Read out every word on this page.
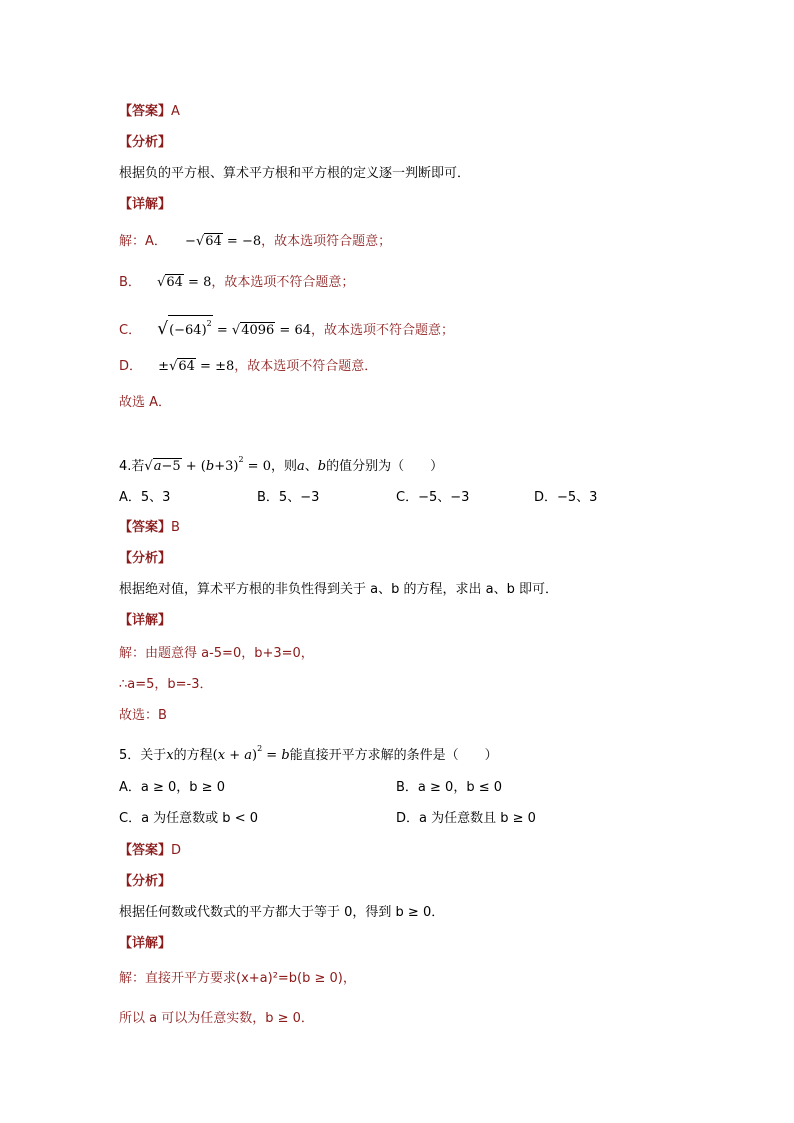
【答案】A
【分析】
根据负的平方根、算术平方根和平方根的定义逐一判断即可．
【详解】
解：A． −√64 = −8，故本选项符合题意；
B． √64 = 8，故本选项不符合题意；
C． $√(-64)^2 = √4096 = 64$，故本选项不符合题意；
D． ±√64 = ±8，故本选项不符合题意．
故选 A．
4.若$√a-5 + (b+3)^2 = 0$，则a、b的值分别为（　　）
A．5、3	B．5、−3	C．−5、−3	D．−5、3
【答案】B
【分析】
根据绝对值，算术平方根的非负性得到关于 a、b 的方程，求出 a、b 即可．
【详解】
解：由题意得 a-5=0，b+3=0，
∴a=5，b=-3．
故选：B
5．关于x的方程$(x + a)^2 = b$能直接开平方求解的条件是（　　）
A．a ≥ 0，b ≥ 0	B．a ≥ 0，b ≤ 0
C．a 为任意数或 b < 0	D．a 为任意数且 b ≥ 0
【答案】D
【分析】
根据任何数或代数式的平方都大于等于 0，得到 b ≥ 0．
【详解】
解：直接开平方要求(x+a)²=b(b ≥ 0)，
所以 a 可以为任意实数，b ≥ 0．
